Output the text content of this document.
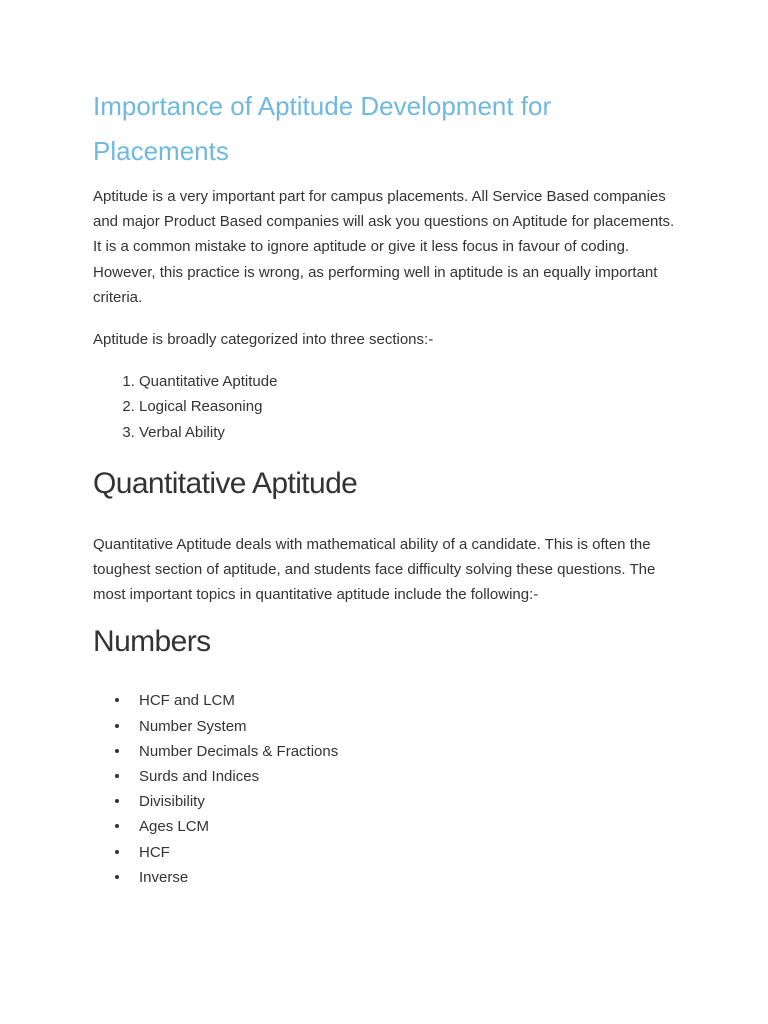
Importance of Aptitude Development for Placements

Aptitude is a very important part for campus placements. All Service Based companies and major Product Based companies will ask you questions on Aptitude for placements. It is a common mistake to ignore aptitude or give it less focus in favour of coding. However, this practice is wrong, as performing well in aptitude is an equally important criteria.

Aptitude is broadly categorized into three sections:-

1. Quantitative Aptitude
2. Logical Reasoning
3. Verbal Ability
Quantitative Aptitude

Quantitative Aptitude deals with mathematical ability of a candidate. This is often the toughest section of aptitude, and students face difficulty solving these questions. The most important topics in quantitative aptitude include the following:-

Numbers
HCF and LCM
Number System
Number Decimals & Fractions
Surds and Indices
Divisibility
Ages LCM
HCF
Inverse
